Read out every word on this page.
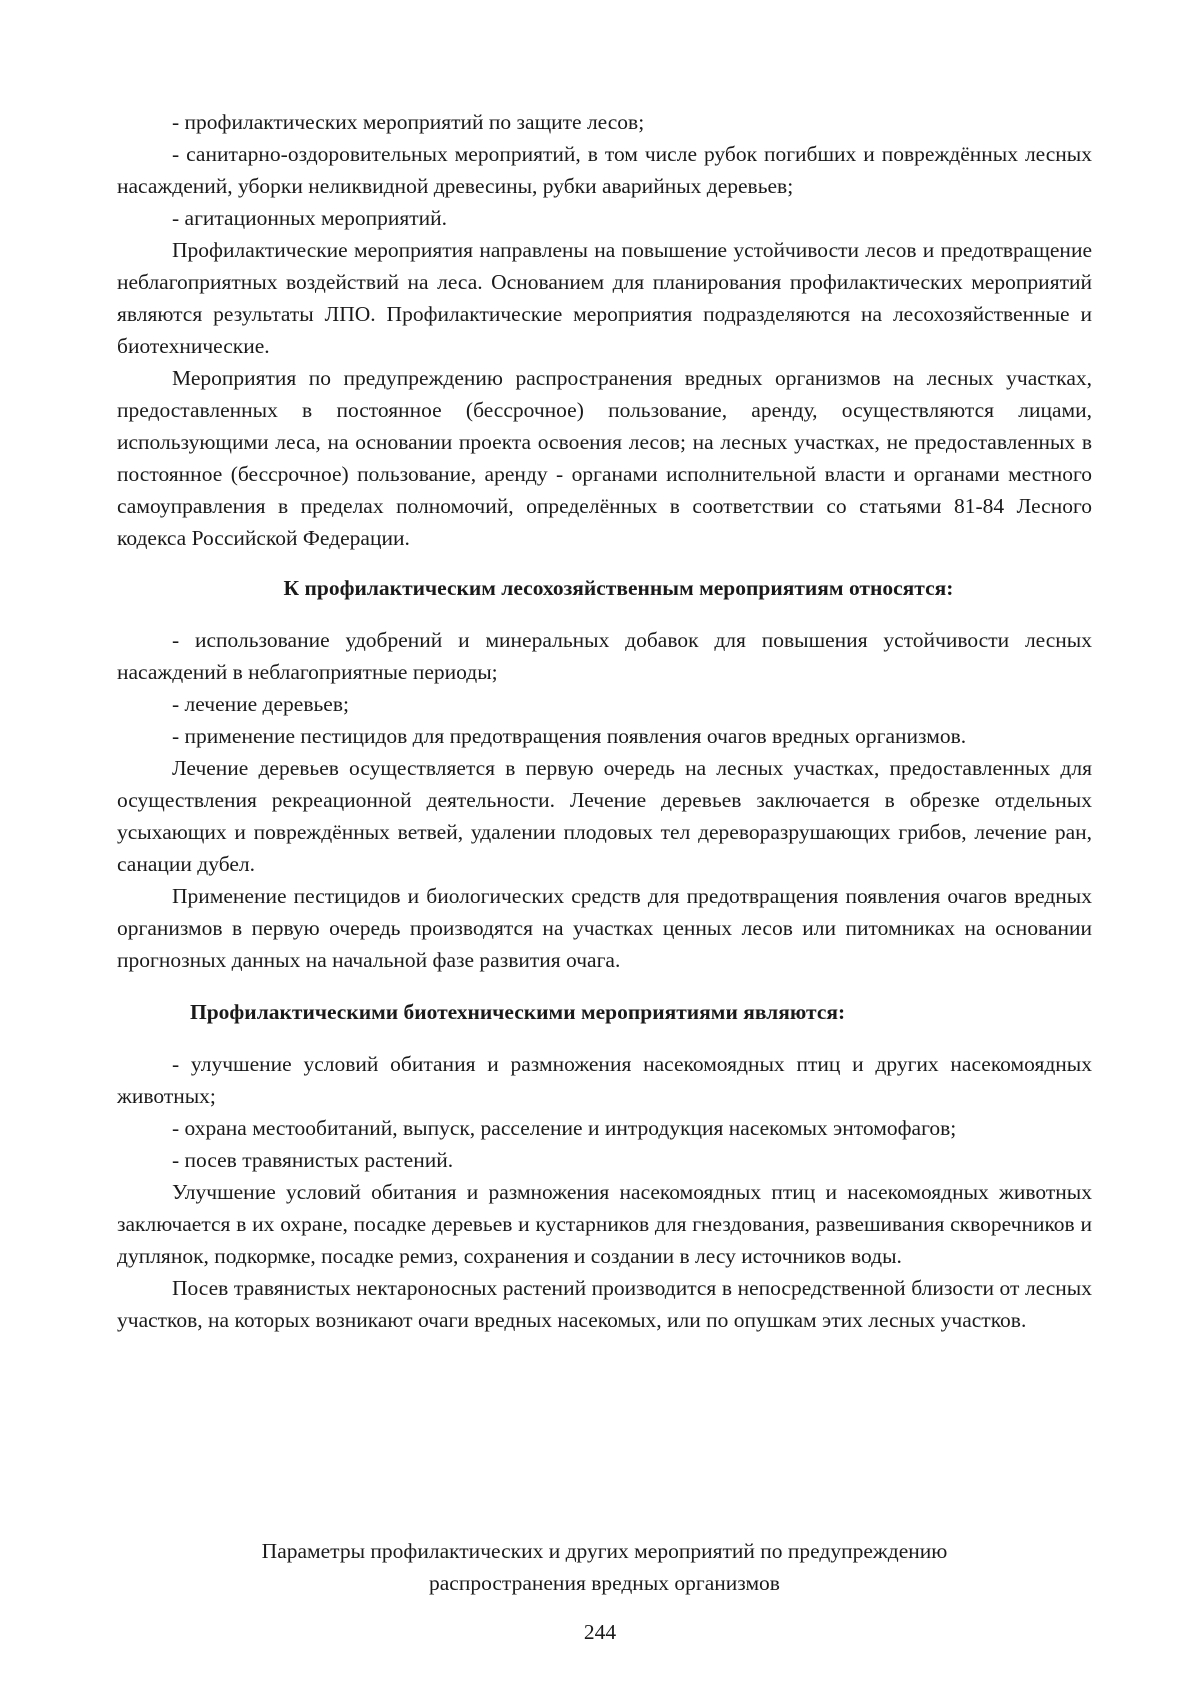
- профилактических мероприятий по защите лесов;

- санитарно-оздоровительных мероприятий, в том числе рубок погибших и повреждённых лесных насаждений, уборки неликвидной древесины, рубки аварийных деревьев;

- агитационных мероприятий.

Профилактические мероприятия направлены на повышение устойчивости лесов и предотвращение неблагоприятных воздействий на леса. Основанием для планирования профилактических мероприятий являются результаты ЛПО. Профилактические мероприятия подразделяются на лесохозяйственные и биотехнические.

Мероприятия по предупреждению распространения вредных организмов на лесных участках, предоставленных в постоянное (бессрочное) пользование, аренду, осуществляются лицами, использующими леса, на основании проекта освоения лесов; на лесных участках, не предоставленных в постоянное (бессрочное) пользование, аренду - органами исполнительной власти и органами местного самоуправления в пределах полномочий, определённых в соответствии со статьями 81-84 Лесного кодекса Российской Федерации.

К профилактическим лесохозяйственным мероприятиям относятся:

- использование удобрений и минеральных добавок для повышения устойчивости лесных насаждений в неблагоприятные периоды;

- лечение деревьев;

- применение пестицидов для предотвращения появления очагов вредных организмов.

Лечение деревьев осуществляется в первую очередь на лесных участках, предоставленных для осуществления рекреационной деятельности. Лечение деревьев заключается в обрезке отдельных усыхающих и повреждённых ветвей, удалении плодовых тел дереворазрушающих грибов, лечение ран, санации дубел.

Применение пестицидов и биологических средств для предотвращения появления очагов вредных организмов в первую очередь производятся на участках ценных лесов или питомниках на основании прогнозных данных на начальной фазе развития очага.

Профилактическими биотехническими мероприятиями являются:

- улучшение условий обитания и размножения насекомоядных птиц и других насекомоядных животных;

- охрана местообитаний, выпуск, расселение и интродукция насекомых энтомофагов;

- посев травянистых растений.

Улучшение условий обитания и размножения насекомоядных птиц и насекомоядных животных заключается в их охране, посадке деревьев и кустарников для гнездования, развешивания скворечников и дуплянок, подкормке, посадке ремиз, сохранения и создании в лесу источников воды.

Посев травянистых нектароносных растений производится в непосредственной близости от лесных участков, на которых возникают очаги вредных насекомых, или по опушкам этих лесных участков.

Параметры профилактических и других мероприятий по предупреждению
распространения вредных организмов
244
